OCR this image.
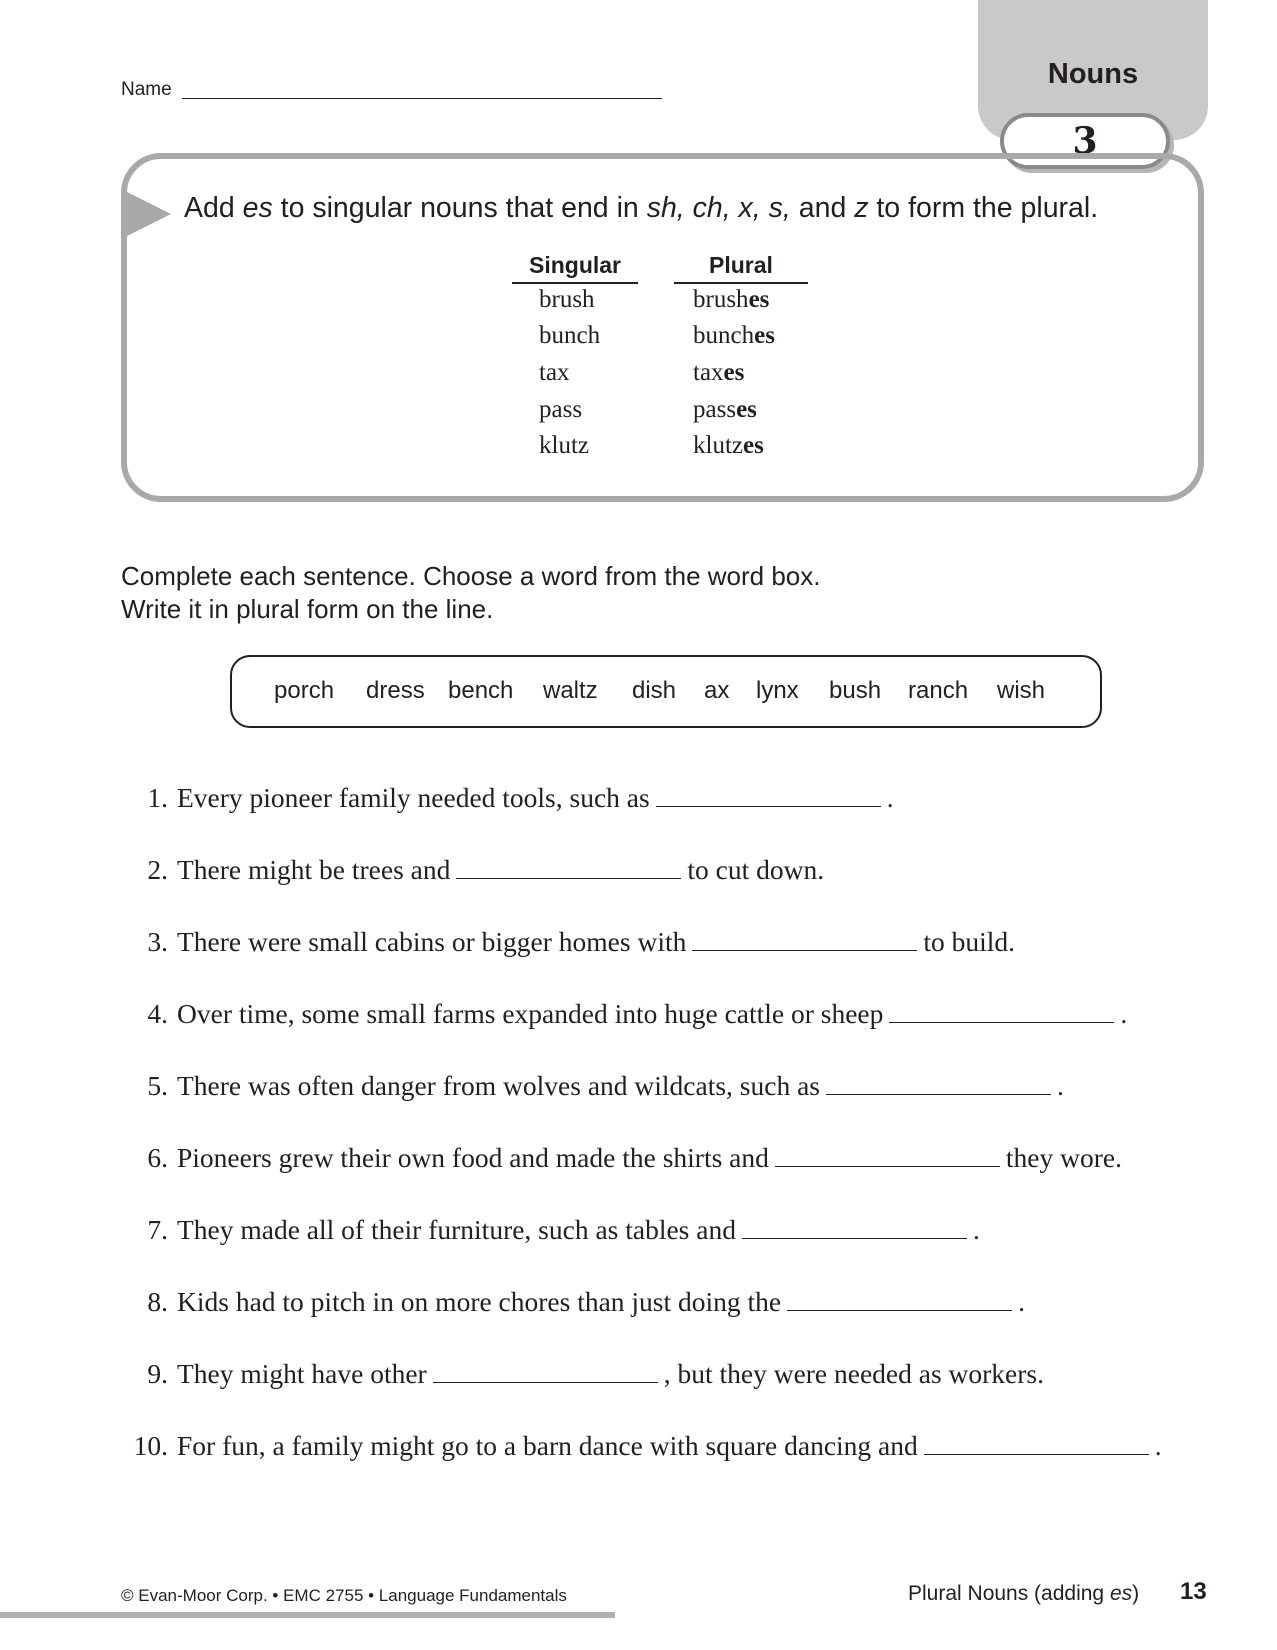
Name	Nouns
3
Add es to singular nouns that end in sh, ch, x, s, and z to form the plural.
Singular	Plural
brush	brushes
bunch	bunches
tax	taxes
pass	passes
klutz	klutzes
Complete each sentence. Choose a word from the word box.
Write it in plural form on the line.
porch dress bench waltz dish ax lynx bush ranch wish
1. Every pioneer family needed tools, such as	.
2. There might be trees and	to cut down.
3. There were small cabins or bigger homes with	to build.
4. Over time, some small farms expanded into huge cattle or sheep	.
5. There was often danger from wolves and wildcats, such as	.
6. Pioneers grew their own food and made the shirts and	they wore.
7. They made all of their furniture, such as tables and	.
8. Kids had to pitch in on more chores than just doing the	.
9. They might have other	, but they were needed as workers.
10. For fun, a family might go to a barn dance with square dancing and	.
© Evan-Moor Corp. • EMC 2755 • Language Fundamentals	Plural Nouns (adding es) 13
